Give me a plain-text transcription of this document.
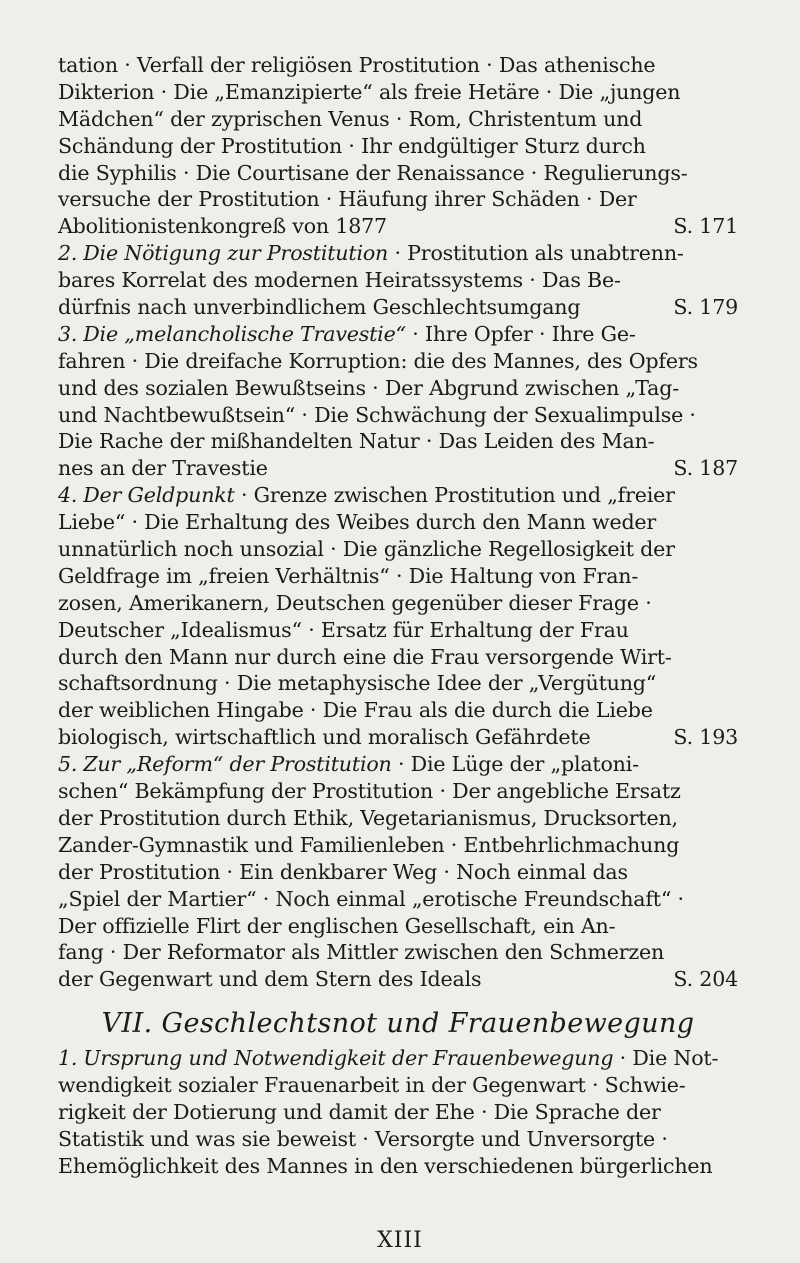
tation · Verfall der religiösen Prostitution · Das athenische
Dikterion · Die „Emanzipierte“ als freie Hetäre · Die „jungen
Mädchen“ der zyprischen Venus · Rom, Christentum und
Schändung der Prostitution · Ihr endgültiger Sturz durch
die Syphilis · Die Courtisane der Renaissance · Regulierungs-
versuche der Prostitution · Häufung ihrer Schäden · Der
Abolitionistenkongreß von 1877	S. 171
2. Die Nötigung zur Prostitution · Prostitution als unabtrenn-
bares Korrelat des modernen Heiratssystems · Das Be-
dürfnis nach unverbindlichem Geschlechtsumgang	S. 179
3. Die „melancholische Travestie“ · Ihre Opfer · Ihre Ge-
fahren · Die dreifache Korruption: die des Mannes, des Opfers
und des sozialen Bewußtseins · Der Abgrund zwischen „Tag-
und Nachtbewußtsein“ · Die Schwächung der Sexualimpulse ·
Die Rache der mißhandelten Natur · Das Leiden des Man-
nes an der Travestie	S. 187
4. Der Geldpunkt · Grenze zwischen Prostitution und „freier
Liebe“ · Die Erhaltung des Weibes durch den Mann weder
unnatürlich noch unsozial · Die gänzliche Regellosigkeit der
Geldfrage im „freien Verhältnis“ · Die Haltung von Fran-
zosen, Amerikanern, Deutschen gegenüber dieser Frage ·
Deutscher „Idealismus“ · Ersatz für Erhaltung der Frau
durch den Mann nur durch eine die Frau versorgende Wirt-
schaftsordnung · Die metaphysische Idee der „Vergütung“
der weiblichen Hingabe · Die Frau als die durch die Liebe
biologisch, wirtschaftlich und moralisch Gefährdete	S. 193
5. Zur „Reform“ der Prostitution · Die Lüge der „platoni-
schen“ Bekämpfung der Prostitution · Der angebliche Ersatz
der Prostitution durch Ethik, Vegetarianismus, Drucksorten,
Zander-Gymnastik und Familienleben · Entbehrlichmachung
der Prostitution · Ein denkbarer Weg · Noch einmal das
„Spiel der Martier“ · Noch einmal „erotische Freundschaft“ ·
Der offizielle Flirt der englischen Gesellschaft, ein An-
fang · Der Reformator als Mittler zwischen den Schmerzen
der Gegenwart und dem Stern des Ideals	S. 204
VII. Geschlechtsnot und Frauenbewegung
1. Ursprung und Notwendigkeit der Frauenbewegung · Die Not-
wendigkeit sozialer Frauenarbeit in der Gegenwart · Schwie-
rigkeit der Dotierung und damit der Ehe · Die Sprache der
Statistik und was sie beweist · Versorgte und Unversorgte ·
Ehemöglichkeit des Mannes in den verschiedenen bürgerlichen
XIII
